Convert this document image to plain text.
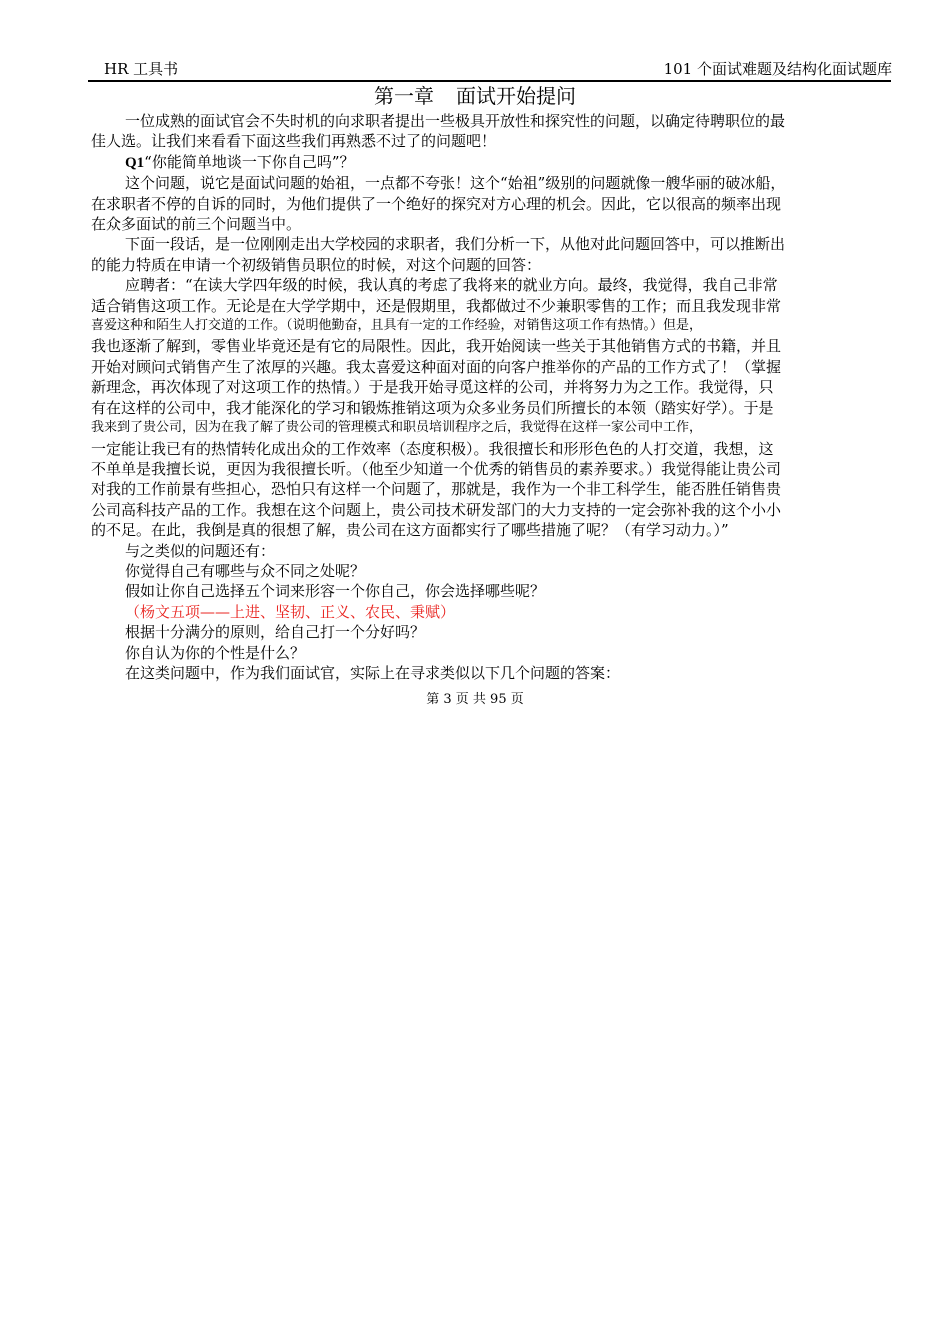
HR 工具书	101 个面试难题及结构化面试题库
第一章 面试开始提问

一位成熟的面试官会不失时机的向求职者提出一些极具开放性和探究性的问题，以确定待聘职位的最

佳人选。让我们来看看下面这些我们再熟悉不过了的问题吧！

Q1“你能简单地谈一下你自己吗”？

这个问题，说它是面试问题的始祖，一点都不夸张！这个“始祖”级别的问题就像一艘华丽的破冰船，

在求职者不停的自诉的同时，为他们提供了一个绝好的探究对方心理的机会。因此，它以很高的频率出现

在众多面试的前三个问题当中。

下面一段话，是一位刚刚走出大学校园的求职者，我们分析一下，从他对此问题回答中，可以推断出

的能力特质在申请一个初级销售员职位的时候，对这个问题的回答：

应聘者：“在读大学四年级的时候，我认真的考虑了我将来的就业方向。最终，我觉得，我自己非常

适合销售这项工作。无论是在大学学期中，还是假期里，我都做过不少兼职零售的工作；而且我发现非常

喜爱这种和陌生人打交道的工作。（说明他勤奋，且具有一定的工作经验，对销售这项工作有热情。）但是，

我也逐渐了解到，零售业毕竟还是有它的局限性。因此，我开始阅读一些关于其他销售方式的书籍，并且

开始对顾问式销售产生了浓厚的兴趣。我太喜爱这种面对面的向客户推举你的产品的工作方式了！（掌握

新理念，再次体现了对这项工作的热情。）于是我开始寻觅这样的公司，并将努力为之工作。我觉得，只

有在这样的公司中，我才能深化的学习和锻炼推销这项为众多业务员们所擅长的本领（踏实好学）。于是

我来到了贵公司，因为在我了解了贵公司的管理模式和职员培训程序之后，我觉得在这样一家公司中工作，

一定能让我已有的热情转化成出众的工作效率（态度积极）。我很擅长和形形色色的人打交道，我想，这

不单单是我擅长说，更因为我很擅长听。（他至少知道一个优秀的销售员的素养要求。）我觉得能让贵公司

对我的工作前景有些担心，恐怕只有这样一个问题了，那就是，我作为一个非工科学生，能否胜任销售贵

公司高科技产品的工作。我想在这个问题上，贵公司技术研发部门的大力支持的一定会弥补我的这个小小

的不足。在此，我倒是真的很想了解，贵公司在这方面都实行了哪些措施了呢？（有学习动力。）”

与之类似的问题还有：

你觉得自己有哪些与众不同之处呢？

假如让你自己选择五个词来形容一个你自己，你会选择哪些呢？

（杨文五项——上进、坚韧、正义、农民、秉赋）

根据十分满分的原则，给自己打一个分好吗？

你自认为你的个性是什么？

在这类问题中，作为我们面试官，实际上在寻求类似以下几个问题的答案：

第 3 页 共 95 页
